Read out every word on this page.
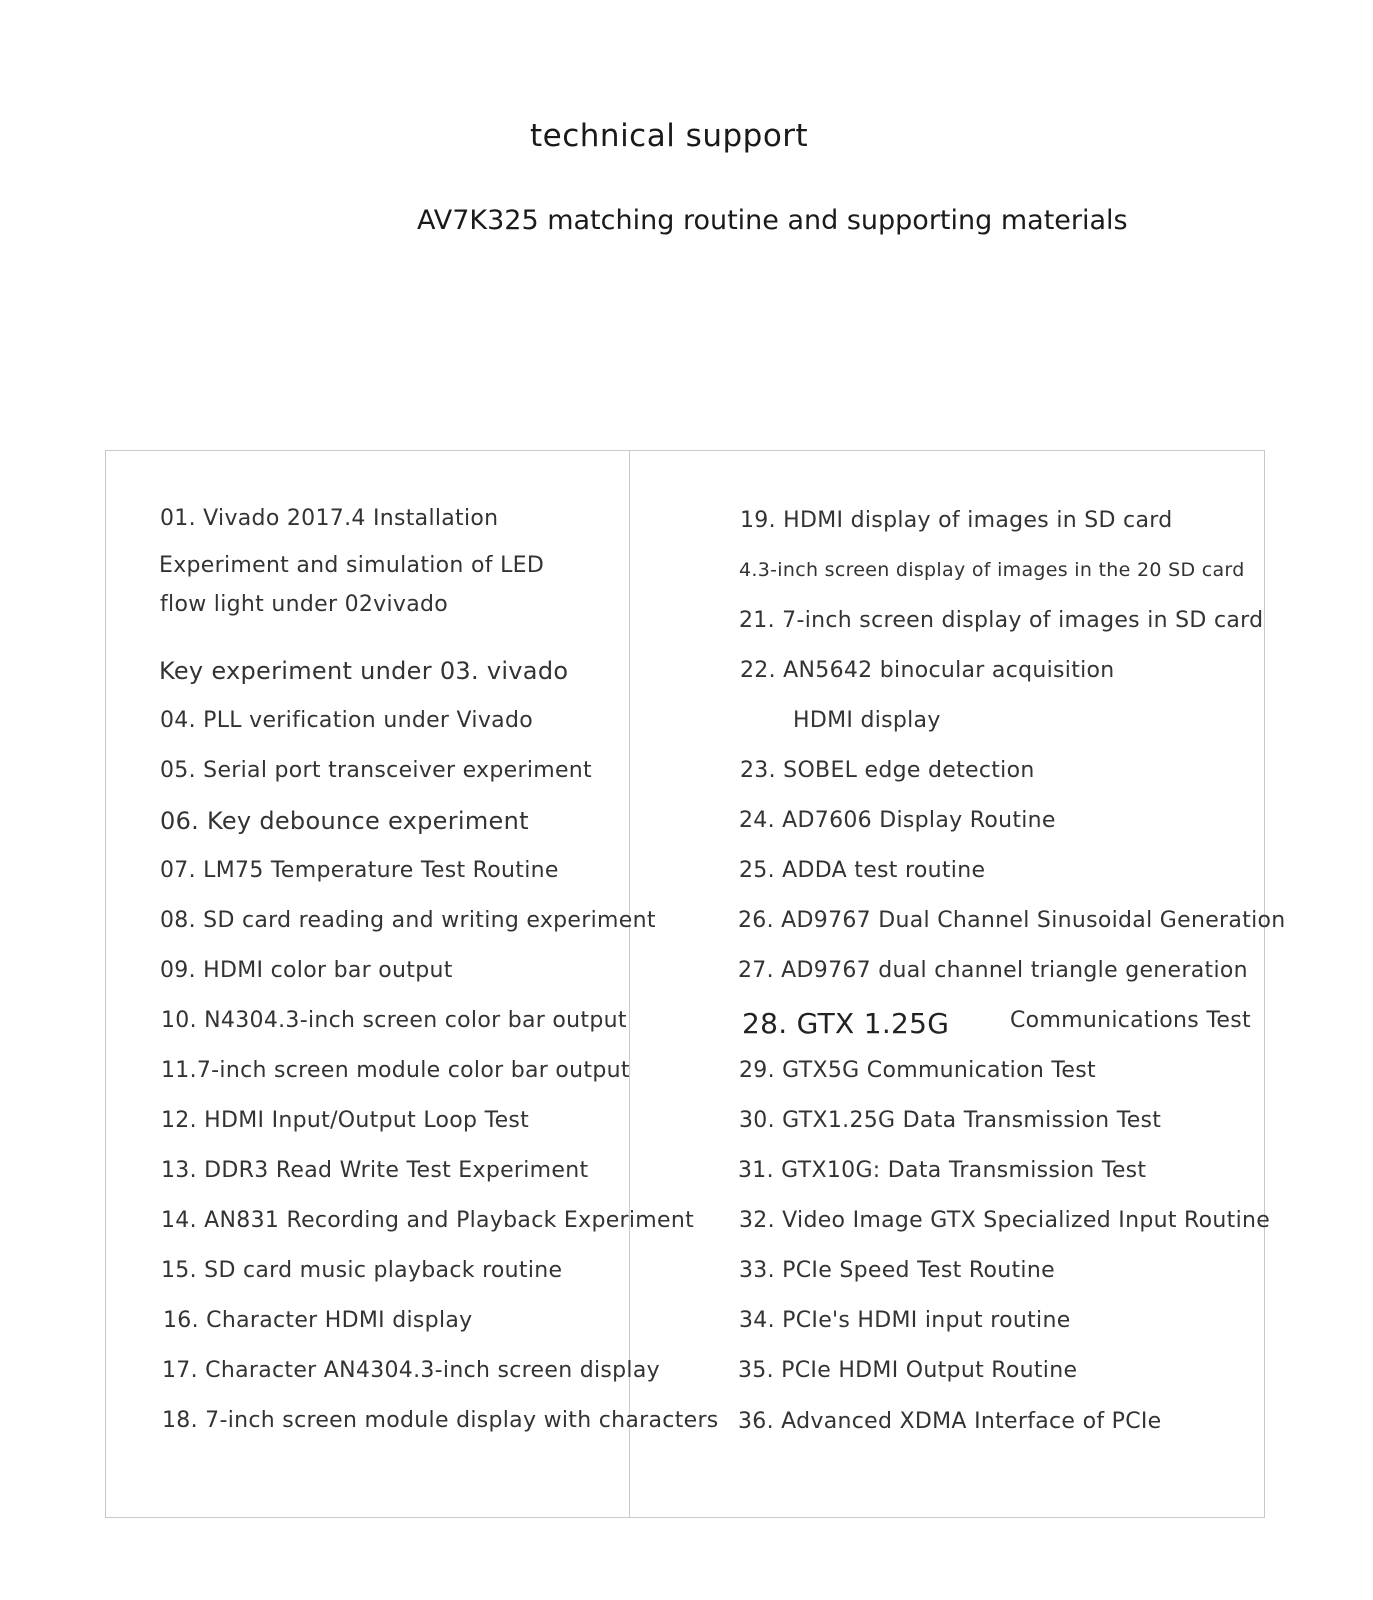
technical support
AV7K325 matching routine and supporting materials
01. Vivado 2017.4 Installation
Experiment and simulation of LED
flow light under 02vivado
Key experiment under 03. vivado
04. PLL verification under Vivado
05. Serial port transceiver experiment
06. Key debounce experiment
07. LM75 Temperature Test Routine
08. SD card reading and writing experiment
09. HDMI color bar output
10. N4304.3-inch screen color bar output
11.7-inch screen module color bar output
12. HDMI Input/Output Loop Test
13. DDR3 Read Write Test Experiment
14. AN831 Recording and Playback Experiment
15. SD card music playback routine
16. Character HDMI display
17. Character AN4304.3-inch screen display
18. 7-inch screen module display with characters
19. HDMI display of images in SD card
4.3-inch screen display of images in the 20 SD card
21. 7-inch screen display of images in SD card
22. AN5642 binocular acquisition
HDMI display
23. SOBEL edge detection
24. AD7606 Display Routine
25. ADDA test routine
26. AD9767 Dual Channel Sinusoidal Generation
27. AD9767 dual channel triangle generation
28. GTX 1.25G	Communications Test
29. GTX5G Communication Test
30. GTX1.25G Data Transmission Test
31. GTX10G: Data Transmission Test
32. Video Image GTX Specialized Input Routine
33. PCIe Speed Test Routine
34. PCIe's HDMI input routine
35. PCIe HDMI Output Routine
36. Advanced XDMA Interface of PCIe
